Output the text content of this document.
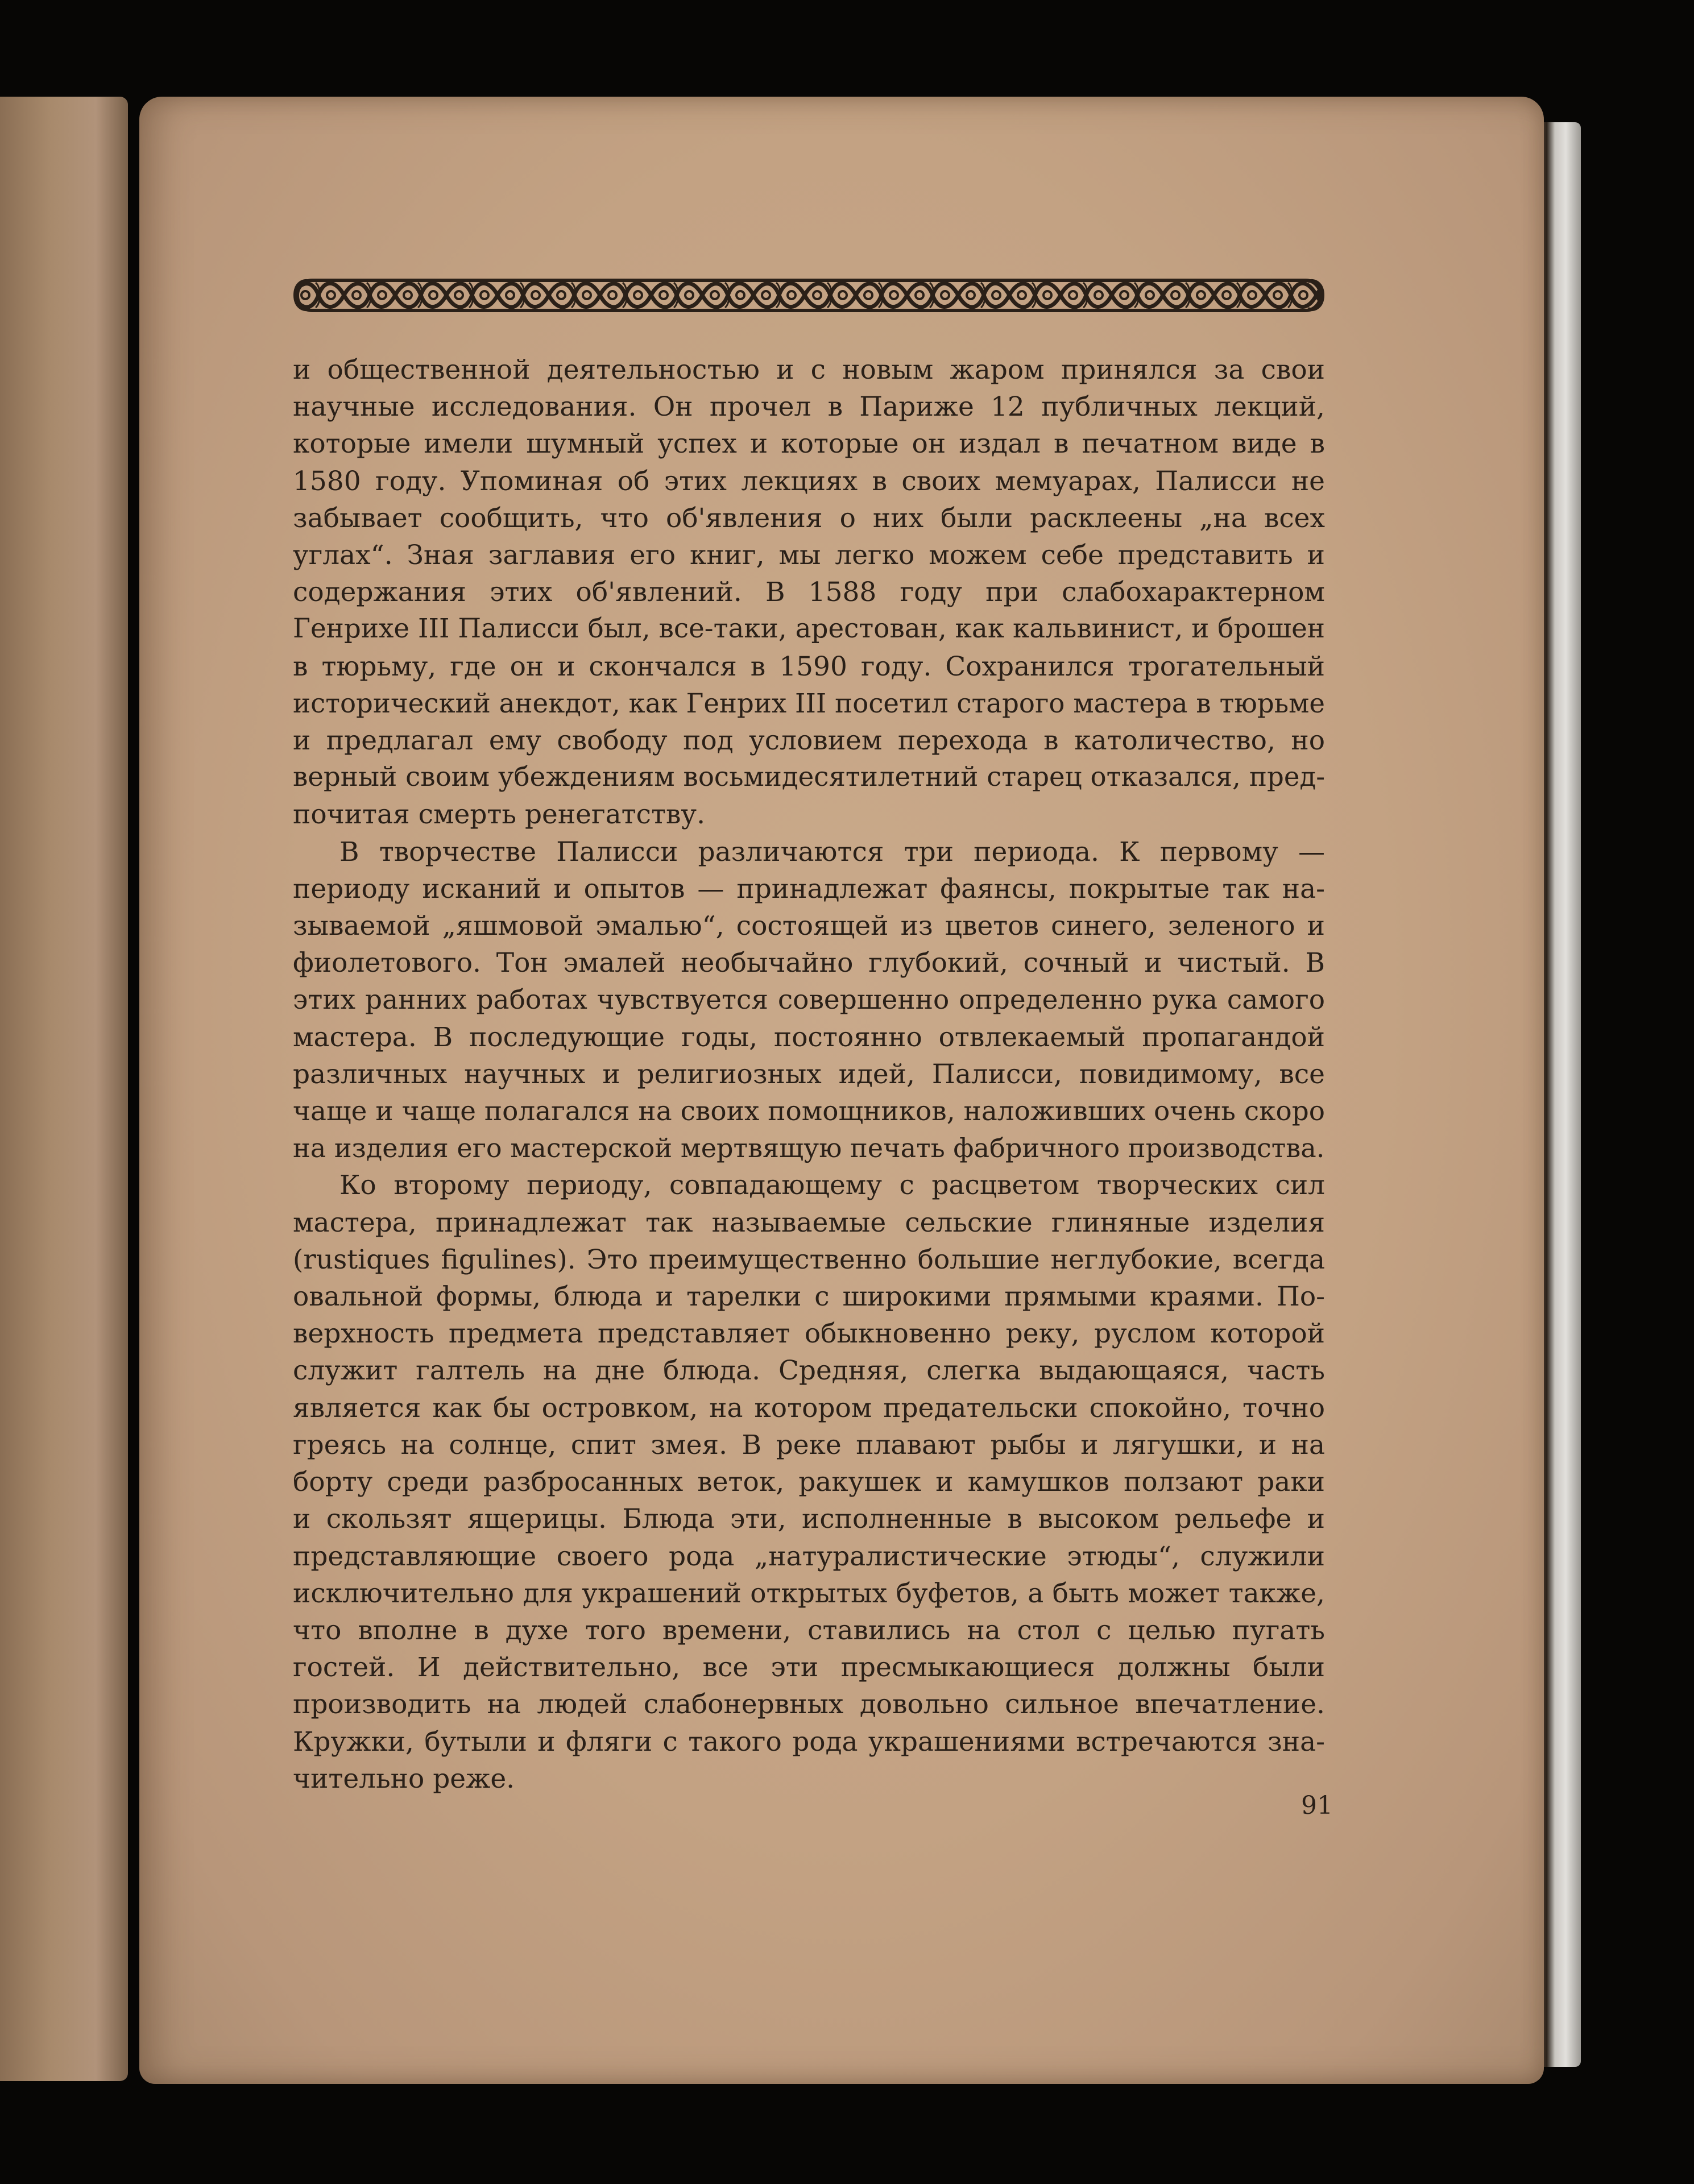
и общественной деятельностью и с новым жаром принялся за свои
научные исследования. Он прочел в Париже 12 публичных лекций,
которые имели шумный успех и которые он издал в печатном виде в
1580 году. Упоминая об этих лекциях в своих мемуарах, Палисси не
забывает сообщить, что об'явления о них были расклеены „на всех
углах“. Зная заглавия его книг, мы легко можем себе представить и
содержания этих об'явлений. В 1588 году при слабохарактерном
Генрихе III Палисси был, все-таки, арестован, как кальвинист, и брошен
в тюрьму, где он и скончался в 1590 году. Сохранился трогательный
исторический анекдот, как Генрих III посетил старого мастера в тюрьме
и предлагал ему свободу под условием перехода в католичество, но
верный своим убеждениям восьмидесятилетний старец отказался, пред-
почитая смерть ренегатству.
В творчестве Палисси различаются три периода. К первому —
периоду исканий и опытов — принадлежат фаянсы, покрытые так на-
зываемой „яшмовой эмалью“, состоящей из цветов синего, зеленого и
фиолетового. Тон эмалей необычайно глубокий, сочный и чистый. В
этих ранних работах чувствуется совершенно определенно рука самого
мастера. В последующие годы, постоянно отвлекаемый пропагандой
различных научных и религиозных идей, Палисси, повидимому, все
чаще и чаще полагался на своих помощников, наложивших очень скоро
на изделия его мастерской мертвящую печать фабричного производства.
Ко второму периоду, совпадающему с расцветом творческих сил
мастера, принадлежат так называемые сельские глиняные изделия
(rustiques figulines). Это преимущественно большие неглубокие, всегда
овальной формы, блюда и тарелки с широкими прямыми краями. По-
верхность предмета представляет обыкновенно реку, руслом которой
служит галтель на дне блюда. Средняя, слегка выдающаяся, часть
является как бы островком, на котором предательски спокойно, точно
греясь на солнце, спит змея. В реке плавают рыбы и лягушки, и на
борту среди разбросанных веток, ракушек и камушков ползают раки
и скользят ящерицы. Блюда эти, исполненные в высоком рельефе и
представляющие своего рода „натуралистические этюды“, служили
исключительно для украшений открытых буфетов, а быть может также,
что вполне в духе того времени, ставились на стол с целью пугать
гостей. И действительно, все эти пресмыкающиеся должны были
производить на людей слабонервных довольно сильное впечатление.
Кружки, бутыли и фляги с такого рода украшениями встречаются зна-
чительно реже.
91
